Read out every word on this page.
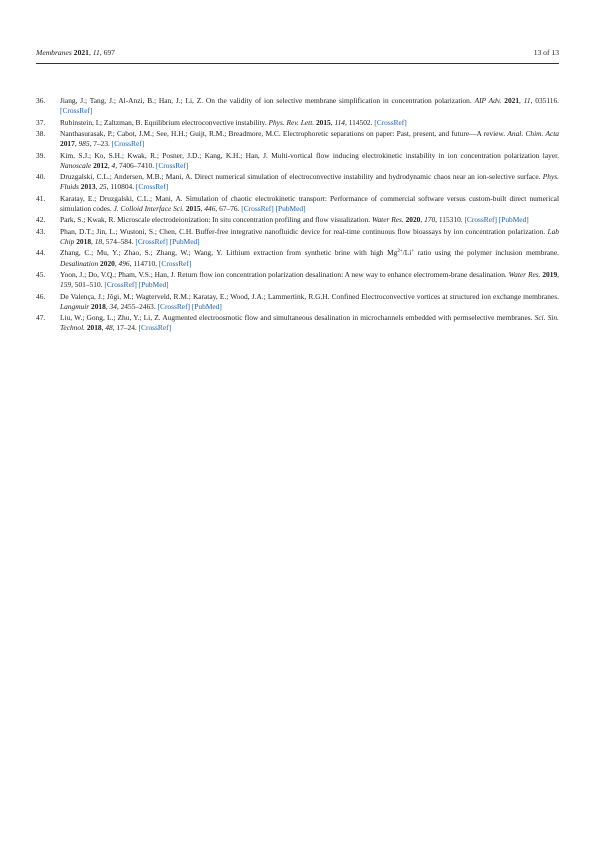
Membranes 2021, 11, 697	13 of 13
36.	Jiang, J.; Tang, J.; Al-Anzi, B.; Han, J.; Li, Z. On the validity of ion selective membrane simplification in concentration polarization. AIP Adv. 2021, 11, 035116. [CrossRef]
37.	Rubinstein, I.; Zaltzman, B. Equilibrium electroconvective instability. Phys. Rev. Lett. 2015, 114, 114502. [CrossRef]
38.	Nanthasurasak, P.; Cabot, J.M.; See, H.H.; Guijt, R.M.; Breadmore, M.C. Electrophoretic separations on paper: Past, present, and future—A review. Anal. Chim. Acta 2017, 985, 7–23. [CrossRef]
39.	Kim, S.J.; Ko, S.H.; Kwak, R.; Posner, J.D.; Kang, K.H.; Han, J. Multi-vortical flow inducing electrokinetic instability in ion concentration polarization layer. Nanoscale 2012, 4, 7406–7410. [CrossRef]
40.	Druzgalski, C.L.; Andersen, M.B.; Mani, A. Direct numerical simulation of electroconvective instability and hydrodynamic chaos near an ion-selective surface. Phys. Fluids 2013, 25, 110804. [CrossRef]
41.	Karatay, E.; Druzgalski, C.L.; Mani, A. Simulation of chaotic electrokinetic transport: Performance of commercial software versus custom-built direct numerical simulation codes. J. Colloid Interface Sci. 2015, 446, 67–76. [CrossRef] [PubMed]
42.	Park, S.; Kwak, R. Microscale electrodeionization: In situ concentration profiling and flow visualization. Water Res. 2020, 170, 115310. [CrossRef] [PubMed]
43.	Phan, D.T.; Jin, L.; Wustoni, S.; Chen, C.H. Buffer-free integrative nanofluidic device for real-time continuous flow bioassays by ion concentration polarization. Lab Chip 2018, 18, 574–584. [CrossRef] [PubMed]
44.	Zhang, C.; Mu, Y.; Zhao, S.; Zhang, W.; Wang, Y. Lithium extraction from synthetic brine with high $Mg^{2+}/Li^+$ ratio using the polymer inclusion membrane. Desalination 2020, 496, 114710. [CrossRef]
45.	Yoon, J.; Do, V.Q.; Pham, V.S.; Han, J. Return flow ion concentration polarization desalination: A new way to enhance electromem-brane desalination. Water Res. 2019, 159, 501–510. [CrossRef] [PubMed]
46.	De Valença, J.; Jõgi, M.; Wagterveld, R.M.; Karatay, E.; Wood, J.A.; Lammertink, R.G.H. Confined Electroconvective vortices at structured ion exchange membranes. Langmuir 2018, 34, 2455–2463. [CrossRef] [PubMed]
47.	Liu, W.; Gong, L.; Zhu, Y.; Li, Z. Augmented electroosmotic flow and simultaneous desalination in microchannels embedded with permselective membranes. Sci. Sin. Technol. 2018, 48, 17–24. [CrossRef]
